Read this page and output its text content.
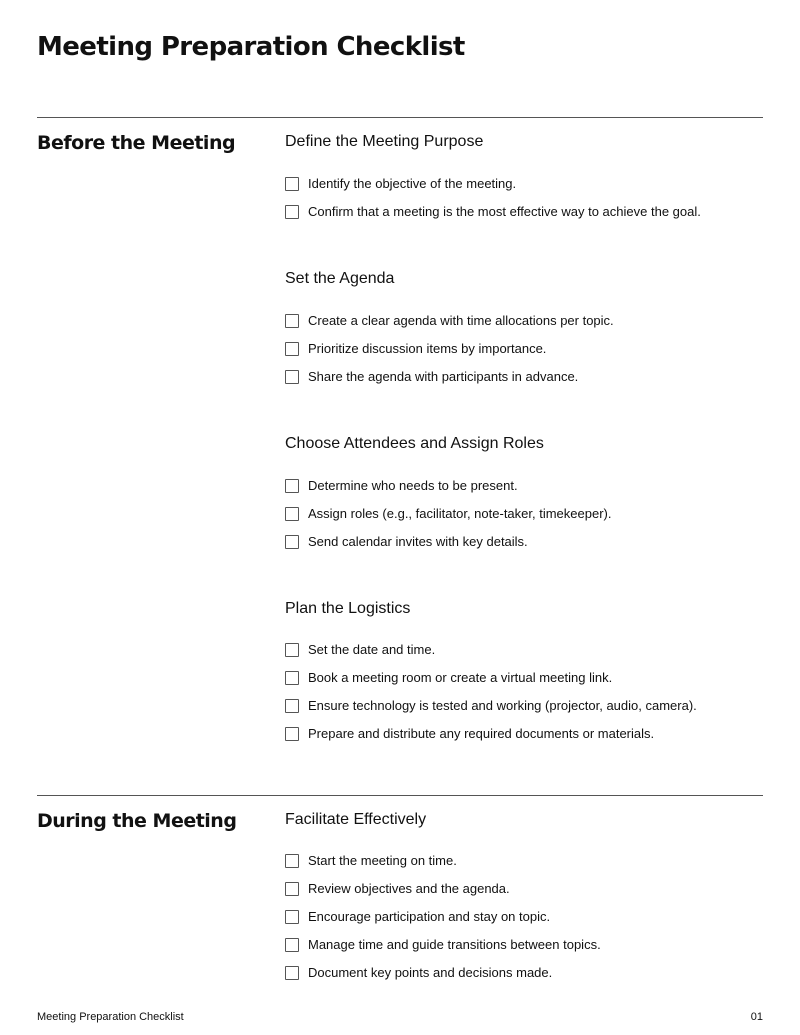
Meeting Preparation Checklist
Before the Meeting	Define the Meeting Purpose
Identify the objective of the meeting.
Confirm that a meeting is the most effective way to achieve the goal.
Set the Agenda
Create a clear agenda with time allocations per topic.
Prioritize discussion items by importance.
Share the agenda with participants in advance.
Choose Attendees and Assign Roles
Determine who needs to be present.
Assign roles (e.g., facilitator, note-taker, timekeeper).
Send calendar invites with key details.
Plan the Logistics
Set the date and time.
Book a meeting room or create a virtual meeting link.
Ensure technology is tested and working (projector, audio, camera).
Prepare and distribute any required documents or materials.
During the Meeting	Facilitate Effectively
Start the meeting on time.
Review objectives and the agenda.
Encourage participation and stay on topic.
Manage time and guide transitions between topics.
Document key points and decisions made.
Meeting Preparation Checklist	01
